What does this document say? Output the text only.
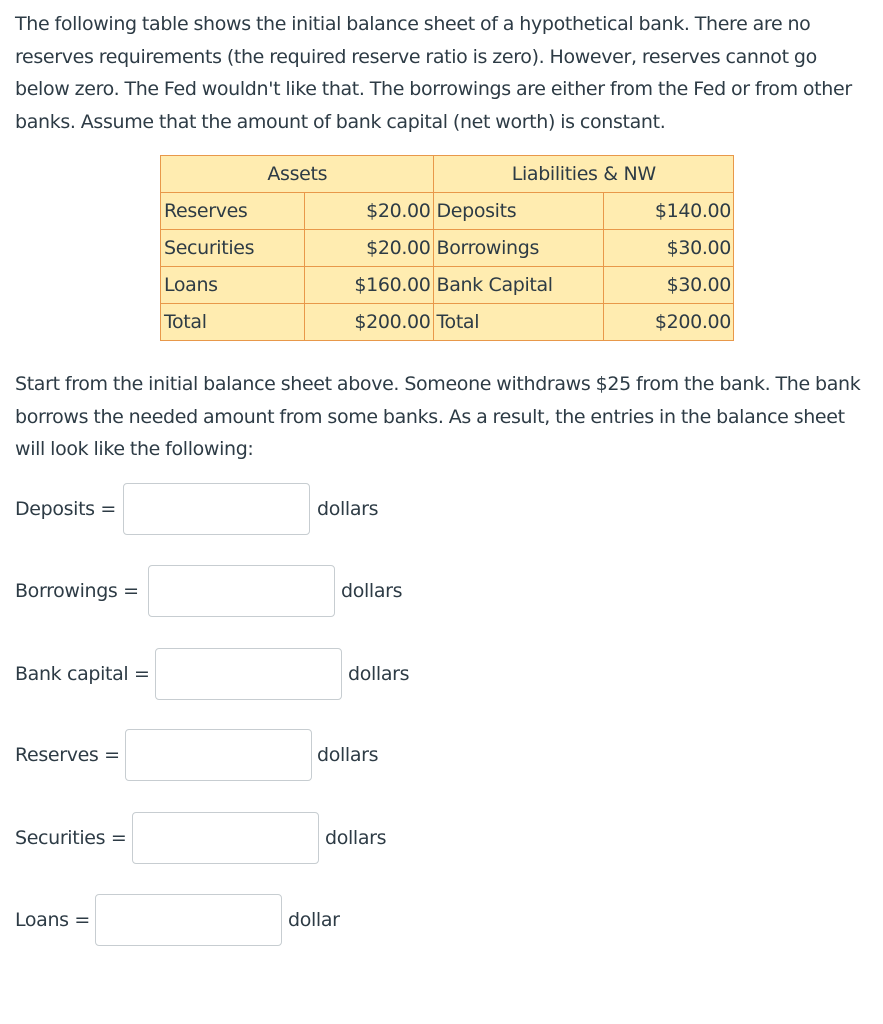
The following table shows the initial balance sheet of a hypothetical bank. There are no reserves requirements (the required reserve ratio is zero). However, reserves cannot go below zero. The Fed wouldn't like that. The borrowings are either from the Fed or from other banks. Assume that the amount of bank capital (net worth) is constant.

Assets		Liabilities & NW	
Reserves	$20.00	Deposits	$140.00
Securities	$20.00	Borrowings	$30.00
Loans	$160.00	Bank Capital	$30.00
Total	$200.00	Total	$200.00

Start from the initial balance sheet above. Someone withdraws $25 from the bank. The bank borrows the needed amount from some banks. As a result, the entries in the balance sheet will look like the following:

Deposits =	dollars
Borrowings =	dollars
Bank capital =	dollars
Reserves =	dollars
Securities =	dollars
Loans =	dollar
